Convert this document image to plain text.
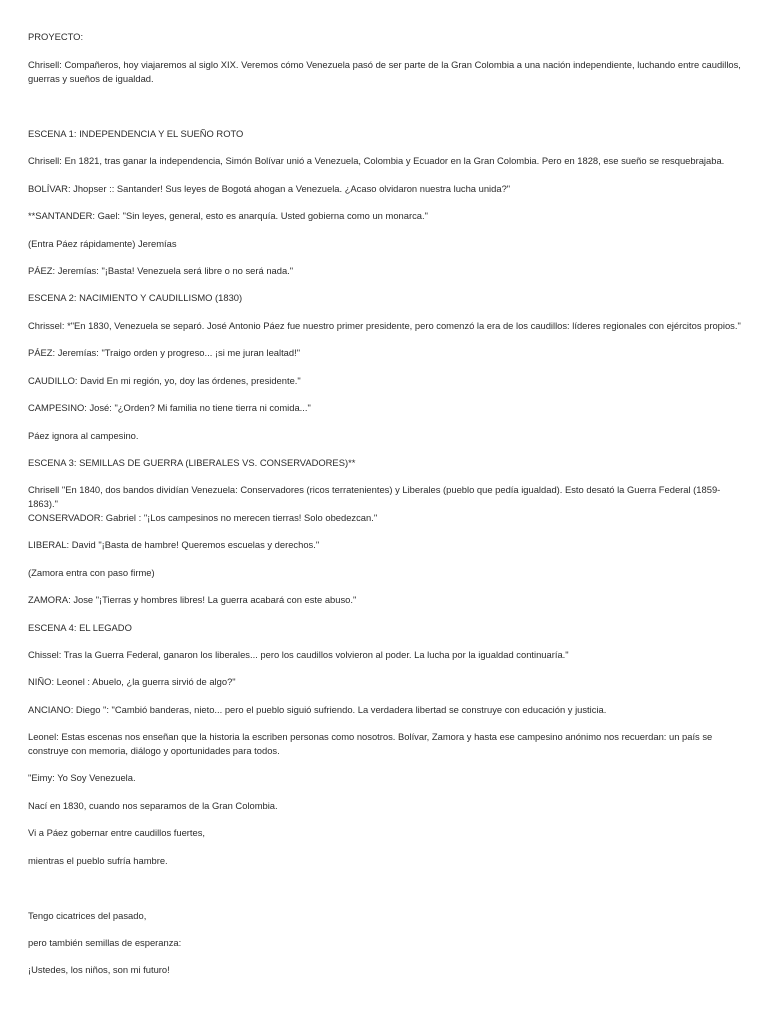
PROYECTO:

Chrisell: Compañeros, hoy viajaremos al siglo XIX. Veremos cómo Venezuela pasó de ser parte de la Gran Colombia a una nación independiente, luchando entre caudillos, guerras y sueños de igualdad.

ESCENA 1: INDEPENDENCIA Y EL SUEÑO ROTO

Chrisell: En 1821, tras ganar la independencia, Simón Bolívar unió a Venezuela, Colombia y Ecuador en la Gran Colombia. Pero en 1828, ese sueño se resquebrajaba.

BOLÍVAR: Jhopser :: Santander! Sus leyes de Bogotá ahogan a Venezuela. ¿Acaso olvidaron nuestra lucha unida?"

**SANTANDER: Gael: "Sin leyes, general, esto es anarquía. Usted gobierna como un monarca."

(Entra Páez rápidamente) Jeremías

PÁEZ: Jeremías: "¡Basta! Venezuela será libre o no será nada."

ESCENA 2: NACIMIENTO Y CAUDILLISMO (1830)

Chrissel: *"En 1830, Venezuela se separó. José Antonio Páez fue nuestro primer presidente, pero comenzó la era de los caudillos: líderes regionales con ejércitos propios."

PÁEZ: Jeremías: "Traigo orden y progreso... ¡si me juran lealtad!"

CAUDILLO: David En mi región, yo, doy las órdenes, presidente."

CAMPESINO: José: "¿Orden? Mi familia no tiene tierra ni comida..."

Páez ignora al campesino.

ESCENA 3: SEMILLAS DE GUERRA (LIBERALES VS. CONSERVADORES)**

Chrisell "En 1840, dos bandos dividían Venezuela: Conservadores (ricos terratenientes) y Liberales (pueblo que pedía igualdad). Esto desató la Guerra Federal (1859-1863)."

CONSERVADOR: Gabriel : "¡Los campesinos no merecen tierras! Solo obedezcan."

LIBERAL: David "¡Basta de hambre! Queremos escuelas y derechos."

(Zamora entra con paso firme)

ZAMORA: Jose "¡Tierras y hombres libres! La guerra acabará con este abuso."

ESCENA 4: EL LEGADO

Chissel: Tras la Guerra Federal, ganaron los liberales... pero los caudillos volvieron al poder. La lucha por la igualdad continuaría."

NIÑO: Leonel : Abuelo, ¿la guerra sirvió de algo?"

ANCIANO: Diego ": "Cambió banderas, nieto... pero el pueblo siguió sufriendo. La verdadera libertad se construye con educación y justicia.

Leonel: Estas escenas nos enseñan que la historia la escriben personas como nosotros. Bolívar, Zamora y hasta ese campesino anónimo nos recuerdan: un país se construye con memoria, diálogo y oportunidades para todos.

"Eimy: Yo Soy Venezuela.

Nací en 1830, cuando nos separamos de la Gran Colombia.

Vi a Páez gobernar entre caudillos fuertes,

mientras el pueblo sufría hambre.

Tengo cicatrices del pasado,

pero también semillas de esperanza:

¡Ustedes, los niños, son mi futuro!
